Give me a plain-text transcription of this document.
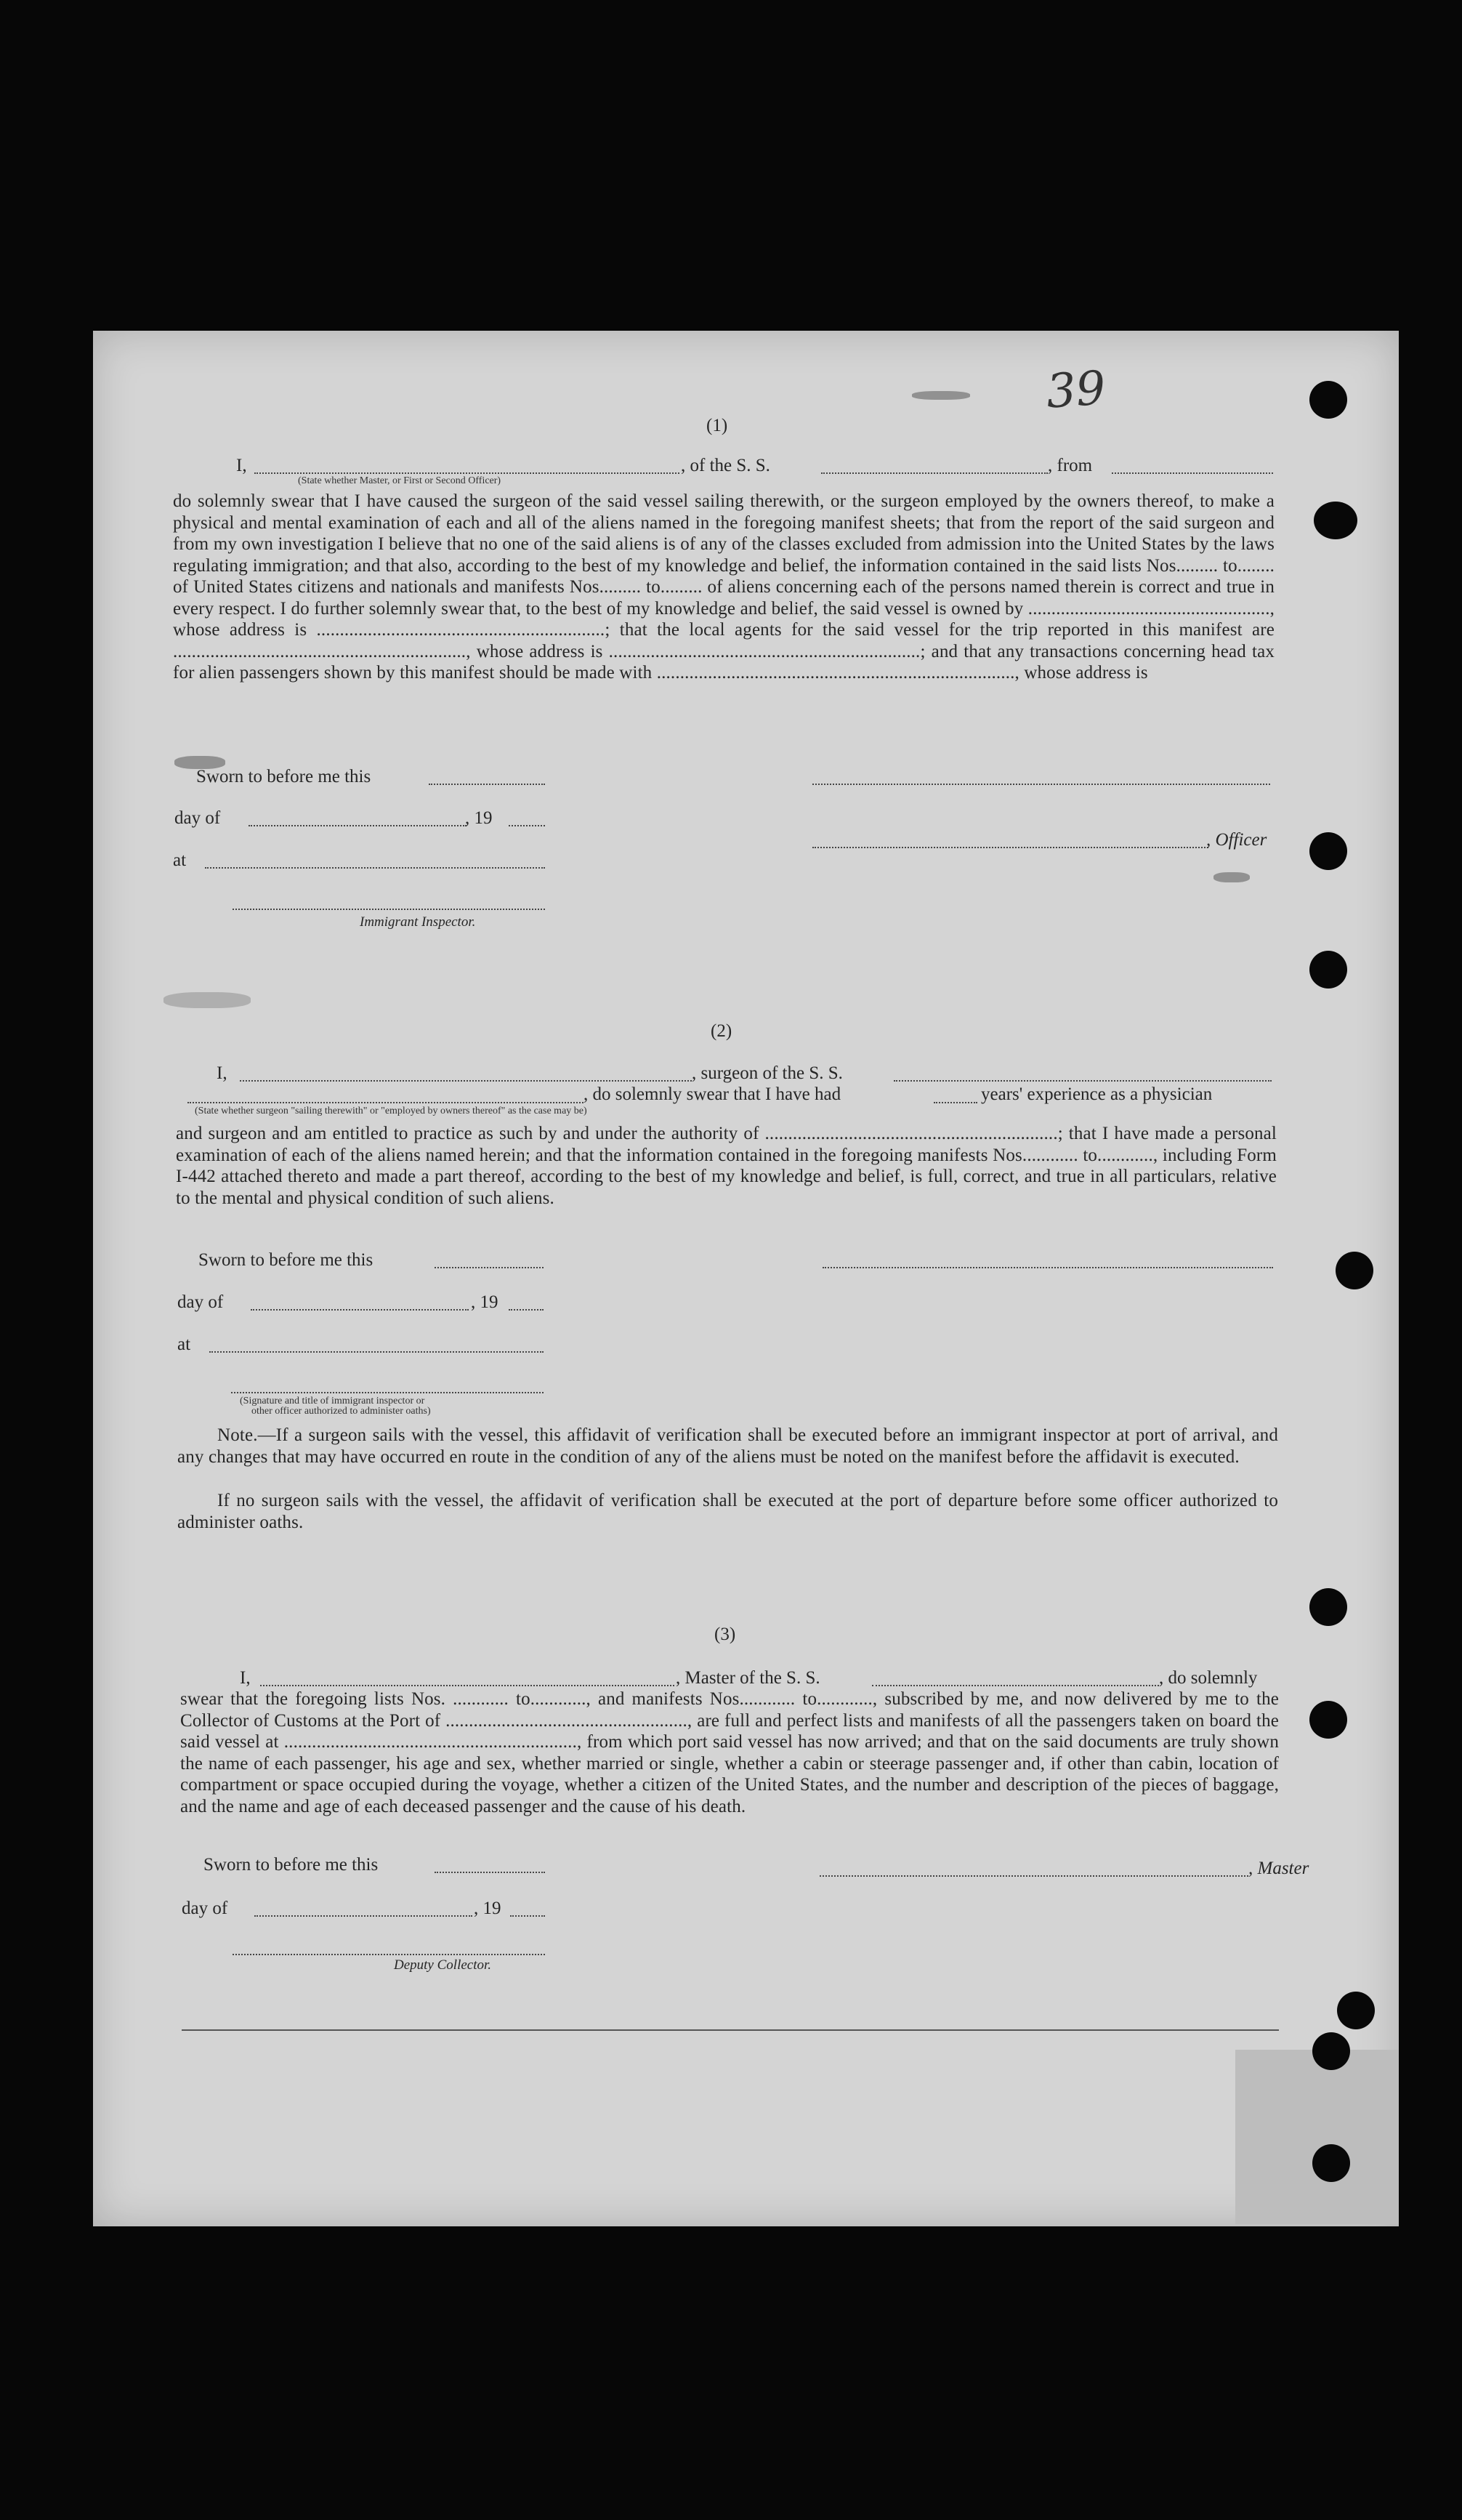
39
(1)
I,	, of the S. S.	, from
(State whether Master, or First or Second Officer)
do solemnly swear that I have caused the surgeon of the said vessel sailing therewith, or the surgeon employed by the owners thereof, to make a physical and mental examination of each and all of the aliens named in the foregoing manifest sheets; that from the report of the said surgeon and from my own investigation I believe that no one of the said aliens is of any of the classes excluded from admission into the United States by the laws regulating immigration; and that also, according to the best of my knowledge and belief, the information contained in the said lists Nos......... to........ of United States citizens and nationals and manifests Nos......... to......... of aliens concerning each of the persons named therein is correct and true in every respect. I do further solemnly swear that, to the best of my knowledge and belief, the said vessel is owned by ...................................................., whose address is ..............................................................; that the local agents for the said vessel for the trip reported in this manifest are ..............................................................., whose address is ...................................................................; and that any transactions concerning head tax for alien passengers shown by this manifest should be made with ............................................................................., whose address is
Sworn to before me this
day of	, 19
, Officer
at
Immigrant Inspector.
(2)
I,	, surgeon of the S. S.
, do solemnly swear that I have had	years' experience as a physician
(State whether surgeon "sailing therewith" or "employed by owners thereof" as the case may be)
and surgeon and am entitled to practice as such by and under the authority of ...............................................................; that I have made a personal examination of each of the aliens named herein; and that the information contained in the foregoing manifests Nos............ to............, including Form I-442 attached thereto and made a part thereof, according to the best of my knowledge and belief, is full, correct, and true in all particulars, relative to the mental and physical condition of such aliens.
Sworn to before me this
day of	, 19
at
(Signature and title of immigrant inspector or
other officer authorized to administer oaths)
Note.—If a surgeon sails with the vessel, this affidavit of verification shall be executed before an immigrant inspector at port of arrival, and any changes that may have occurred en route in the condition of any of the aliens must be noted on the manifest before the affidavit is executed.
If no surgeon sails with the vessel, the affidavit of verification shall be executed at the port of departure before some officer authorized to administer oaths.
(3)
I,	, Master of the S. S.	, do solemnly
swear that the foregoing lists Nos. ............ to............, and manifests Nos............ to............, subscribed by me, and now delivered by me to the Collector of Customs at the Port of ...................................................., are full and perfect lists and manifests of all the passengers taken on board the said vessel at ..............................................................., from which port said vessel has now arrived; and that on the said documents are truly shown the name of each passenger, his age and sex, whether married or single, whether a cabin or steerage passenger and, if other than cabin, location of compartment or space occupied during the voyage, whether a citizen of the United States, and the number and description of the pieces of baggage, and the name and age of each deceased passenger and the cause of his death.
Sworn to before me this	, Master
day of	, 19
Deputy Collector.
